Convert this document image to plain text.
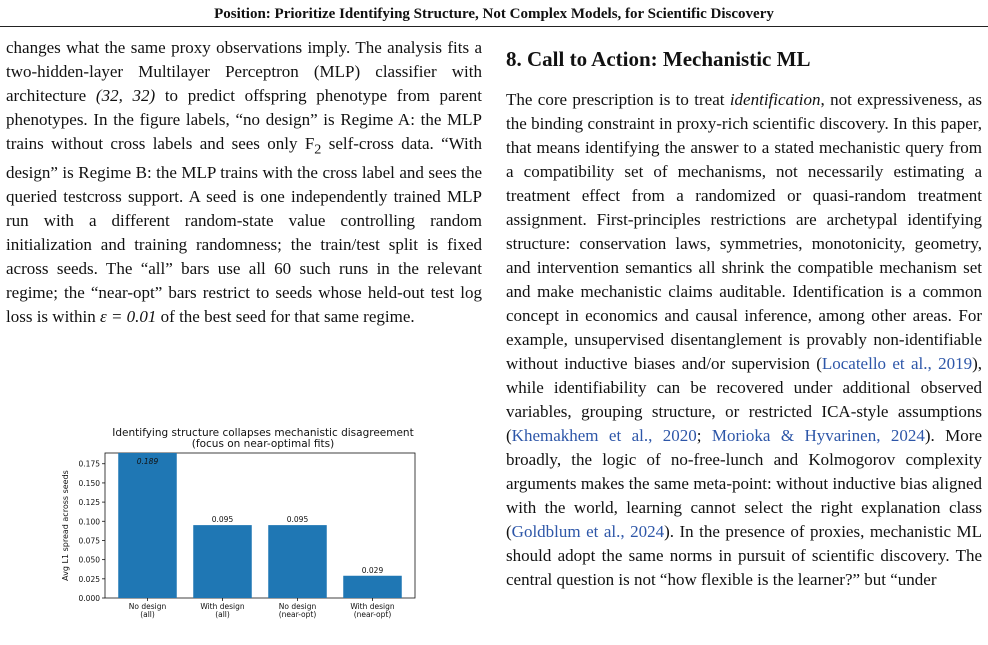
Position: Prioritize Identifying Structure, Not Complex Models, for Scientific Discovery

changes what the same proxy observations imply. The analysis fits a two-hidden-layer Multilayer Perceptron (MLP) classifier with architecture (32, 32) to predict offspring phenotype from parent phenotypes. In the figure labels, “no design” is Regime A: the MLP trains without cross labels and sees only $F_2$ self-cross data. “With design” is Regime B: the MLP trains with the cross label and sees the queried testcross support. A seed is one independently trained MLP run with a different random-state value controlling random initialization and training randomness; the train/test split is fixed across seeds. The “all” bars use all 60 such runs in the relevant regime; the “near-opt” bars restrict to seeds whose held-out test log loss is within ε = 0.01 of the best seed for that same regime.

Identifying structure collapses mechanistic disagreement
(focus on near-optimal fits)
0.000
0.025
0.050
0.075
0.100
0.125
0.150
0.175
Avg L1 spread across seeds
0.189
No design
(all)
0.095
With design
(all)
0.095
No design
(near-opt)
0.029
With design
(near-opt)
8. Call to Action: Mechanistic ML

The core prescription is to treat identification, not expressiveness, as the binding constraint in proxy-rich scientific discovery. In this paper, that means identifying the answer to a stated mechanistic query from a compatibility set of mechanisms, not necessarily estimating a treatment effect from a randomized or quasi-random treatment assignment. First-principles restrictions are archetypal identifying structure: conservation laws, symmetries, monotonicity, geometry, and intervention semantics all shrink the compatible mechanism set and make mechanistic claims auditable. Identification is a common concept in economics and causal inference, among other areas. For example, unsupervised disentanglement is provably non-identifiable without inductive biases and/or supervision (Locatello et al., 2019), while identifiability can be recovered under additional observed variables, grouping structure, or restricted ICA-style assumptions (Khemakhem et al., 2020; Morioka & Hyvarinen, 2024). More broadly, the logic of no-free-lunch and Kolmogorov complexity arguments makes the same meta-point: without inductive bias aligned with the world, learning cannot select the right explanation class (Goldblum et al., 2024). In the presence of proxies, mechanistic ML should adopt the same norms in pursuit of scientific discovery. The central question is not “how flexible is the learner?” but “under
